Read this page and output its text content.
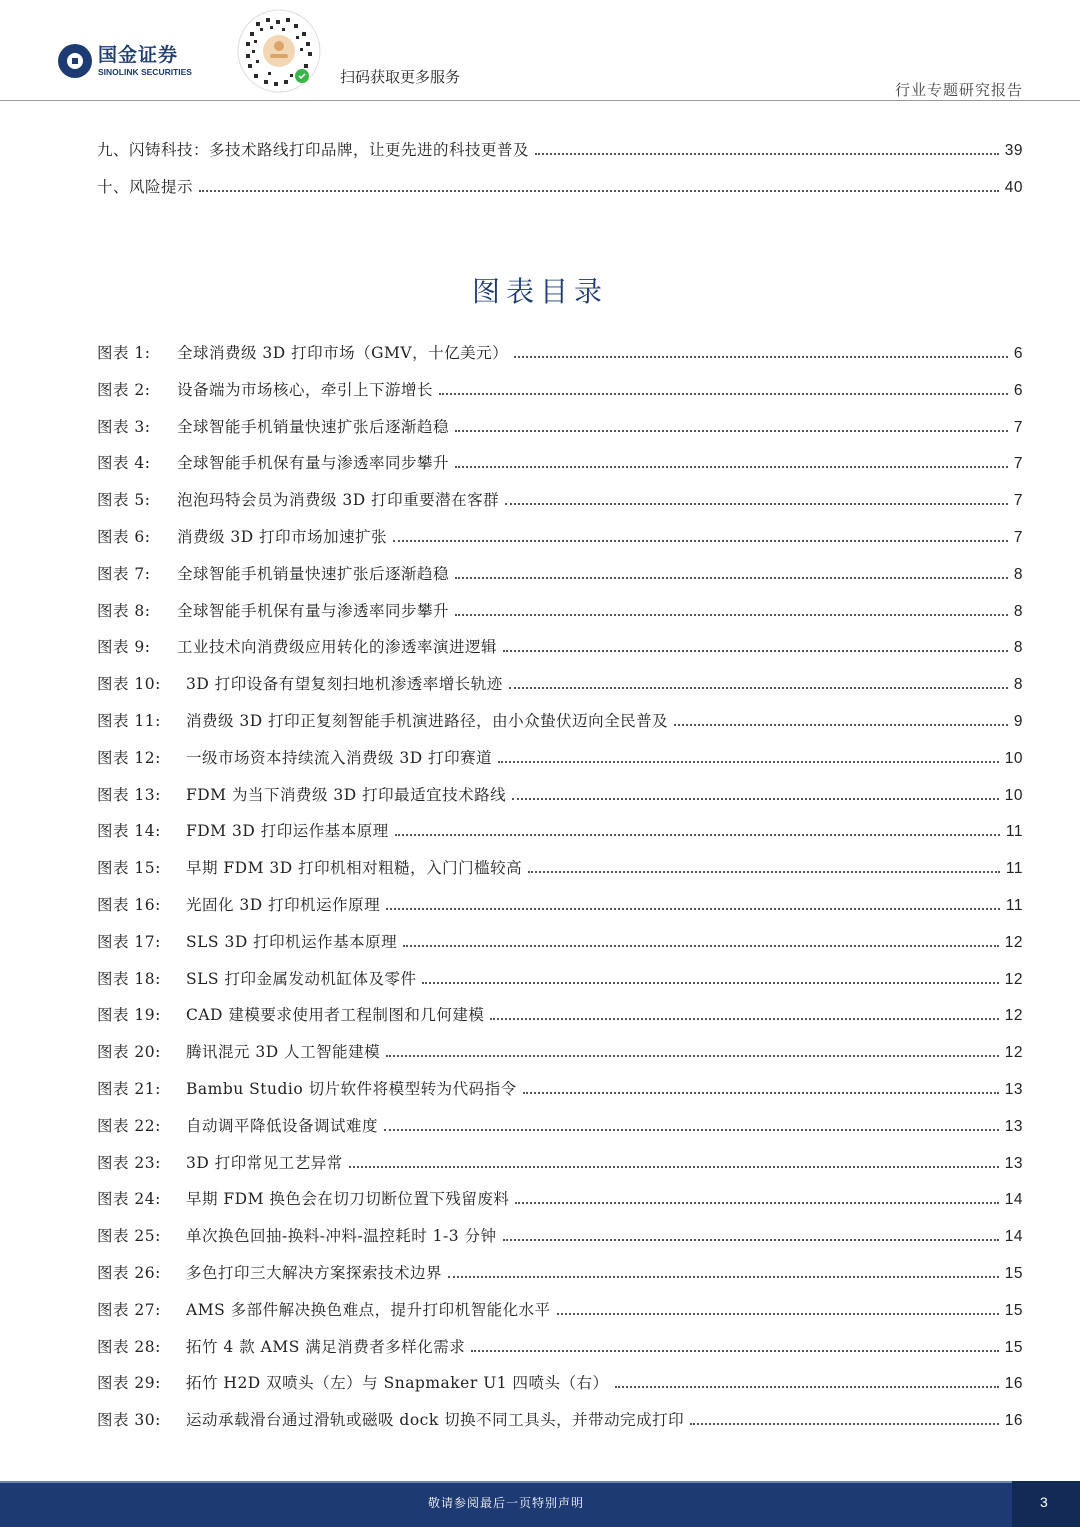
国金证券
SINOLINK SECURITIES	扫码获取更多服务
行业专题研究报告
九、闪铸科技：多技术路线打印品牌，让更先进的科技更普及	39
十、风险提示	40
图表目录
图表 1:	全球消费级 3D 打印市场（GMV，十亿美元）	6
图表 2:	设备端为市场核心，牵引上下游增长	6
图表 3:	全球智能手机销量快速扩张后逐渐趋稳	7
图表 4:	全球智能手机保有量与渗透率同步攀升	7
图表 5:	泡泡玛特会员为消费级 3D 打印重要潜在客群	7
图表 6:	消费级 3D 打印市场加速扩张	7
图表 7:	全球智能手机销量快速扩张后逐渐趋稳	8
图表 8:	全球智能手机保有量与渗透率同步攀升	8
图表 9:	工业技术向消费级应用转化的渗透率演进逻辑	8
图表 10:	3D 打印设备有望复刻扫地机渗透率增长轨迹	8
图表 11:	消费级 3D 打印正复刻智能手机演进路径，由小众蛰伏迈向全民普及	9
图表 12:	一级市场资本持续流入消费级 3D 打印赛道	10
图表 13:	FDM 为当下消费级 3D 打印最适宜技术路线	10
图表 14:	FDM 3D 打印运作基本原理	11
图表 15:	早期 FDM 3D 打印机相对粗糙，入门门槛较高	11
图表 16:	光固化 3D 打印机运作原理	11
图表 17:	SLS 3D 打印机运作基本原理	12
图表 18:	SLS 打印金属发动机缸体及零件	12
图表 19:	CAD 建模要求使用者工程制图和几何建模	12
图表 20:	腾讯混元 3D 人工智能建模	12
图表 21:	Bambu Studio 切片软件将模型转为代码指令	13
图表 22:	自动调平降低设备调试难度	13
图表 23:	3D 打印常见工艺异常	13
图表 24:	早期 FDM 换色会在切刀切断位置下残留废料	14
图表 25:	单次换色回抽-换料-冲料-温控耗时 1-3 分钟	14
图表 26:	多色打印三大解决方案探索技术边界	15
图表 27:	AMS 多部件解决换色难点，提升打印机智能化水平	15
图表 28:	拓竹 4 款 AMS 满足消费者多样化需求	15
图表 29:	拓竹 H2D 双喷头（左）与 Snapmaker U1 四喷头（右）	16
图表 30:	运动承载滑台通过滑轨或磁吸 dock 切换不同工具头，并带动完成打印	16
敬请参阅最后一页特别声明	3
